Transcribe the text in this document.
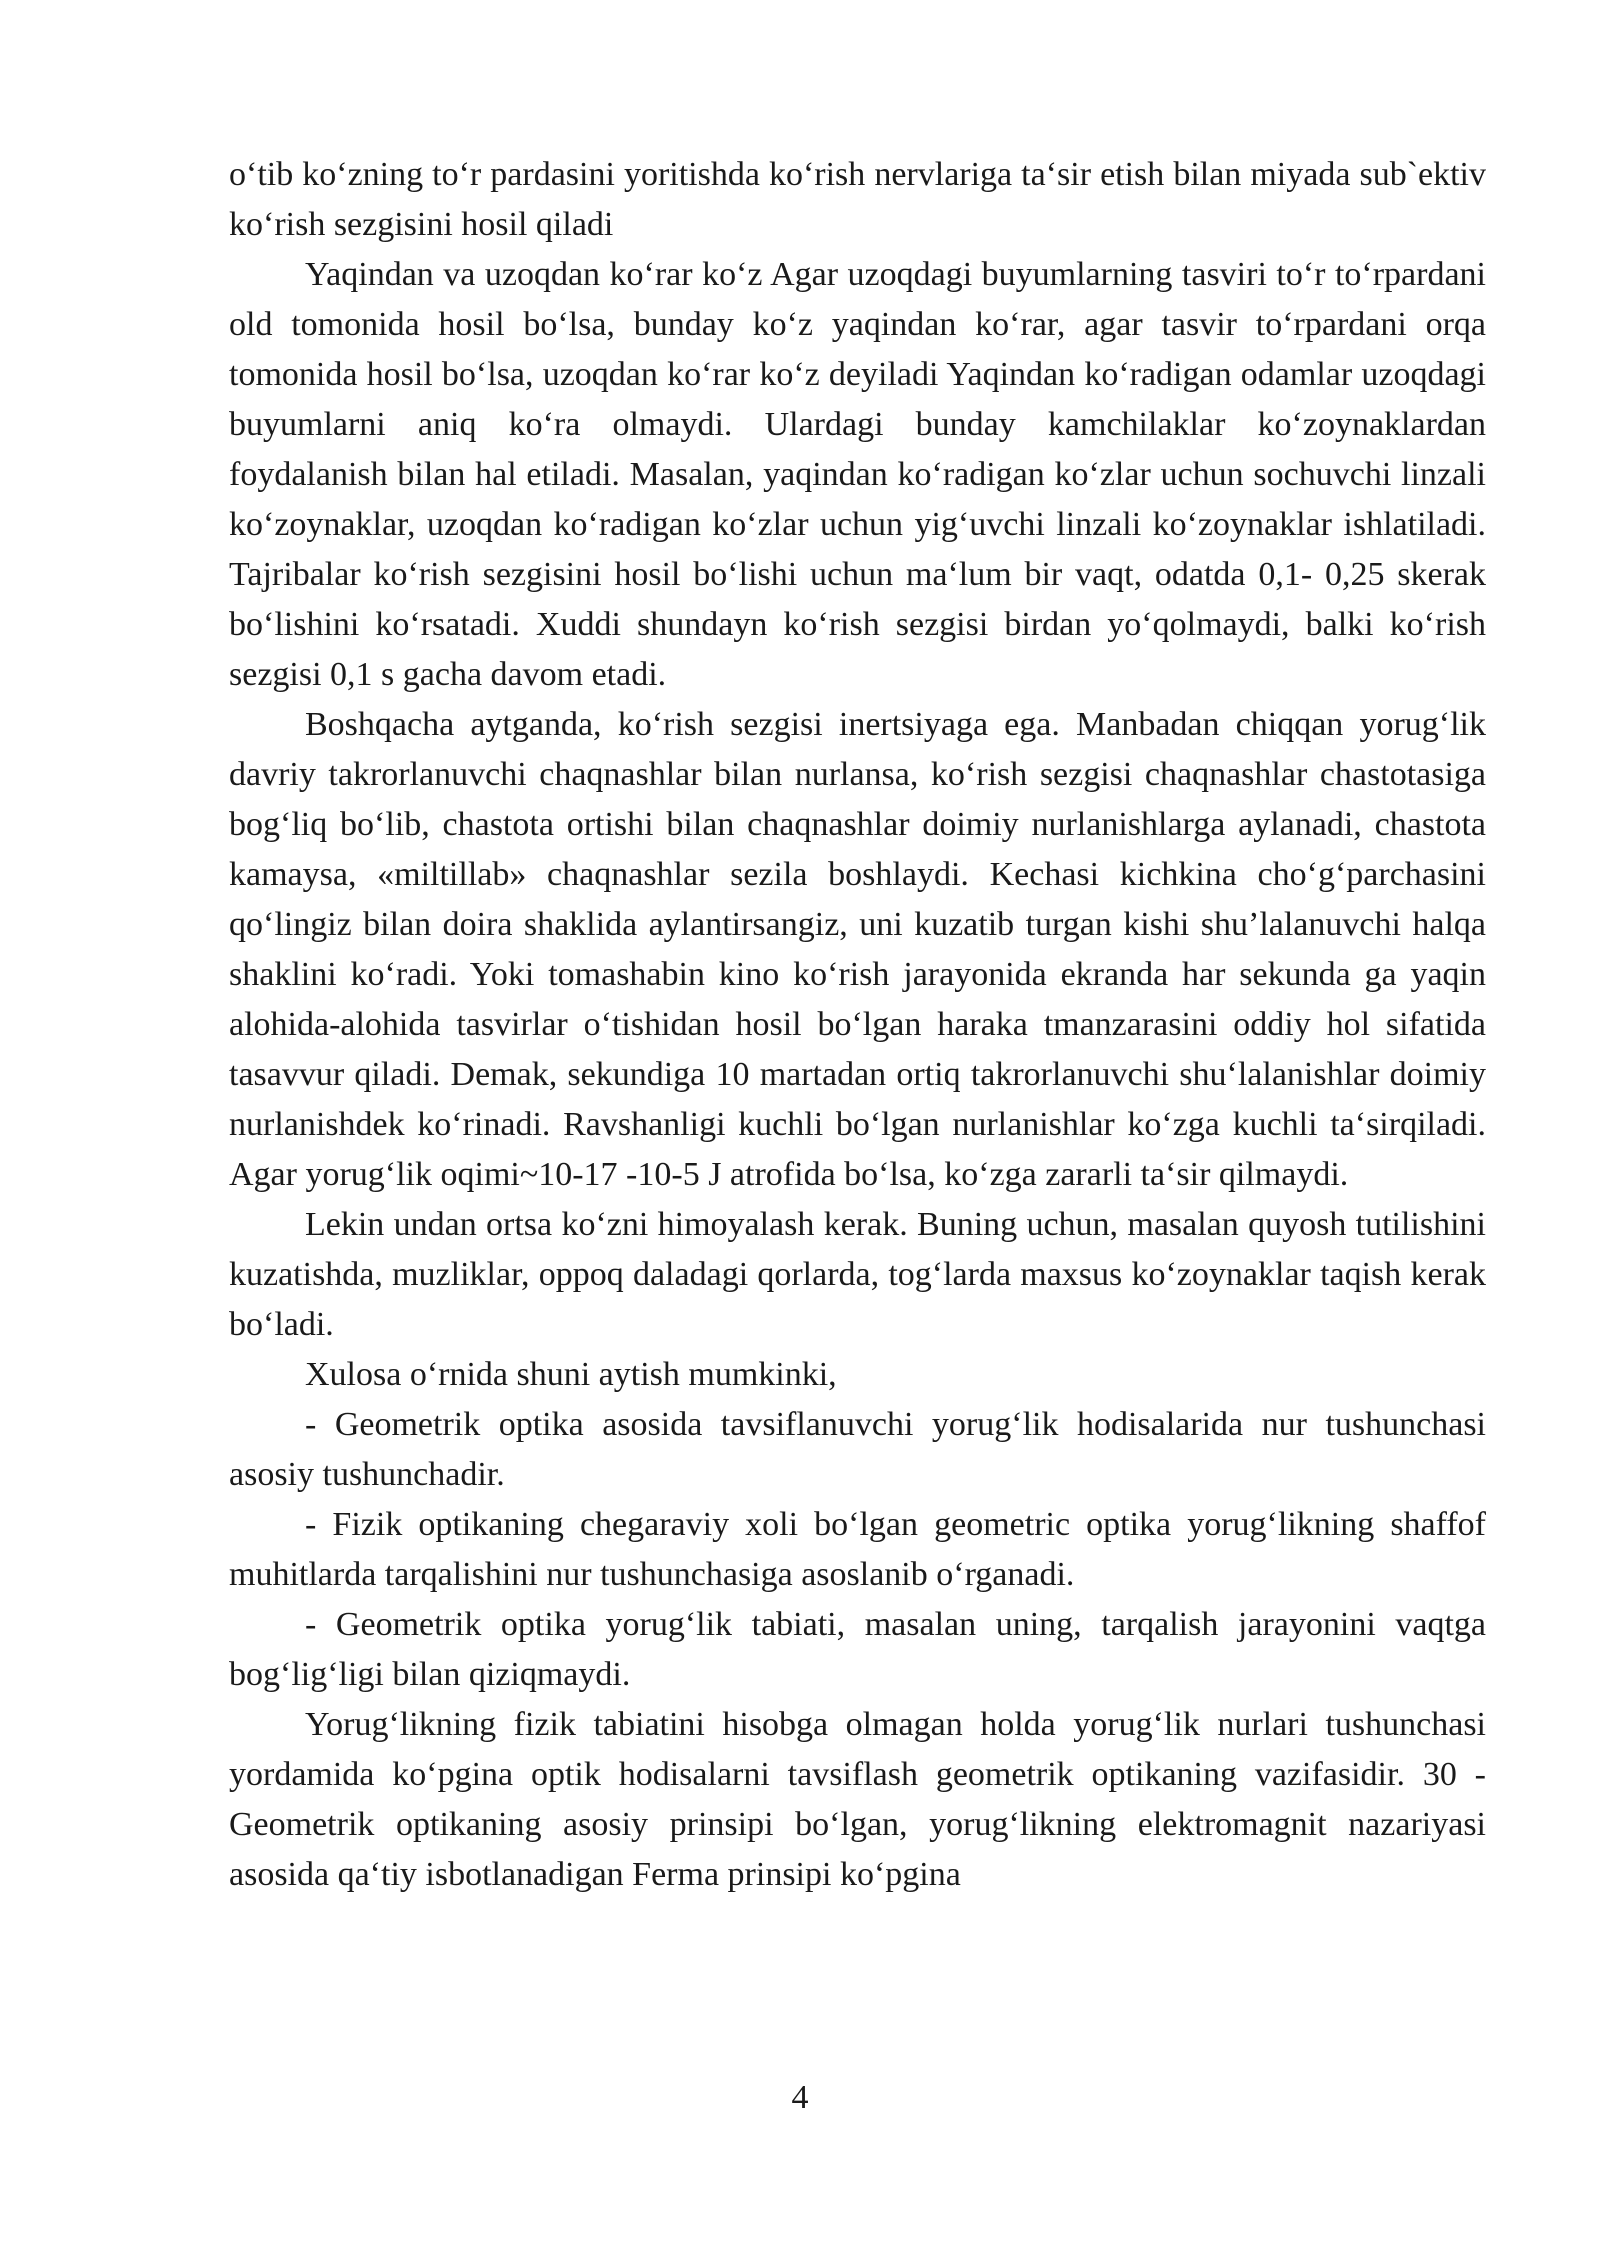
o‘tib ko‘zning to‘r pardasini yoritishda ko‘rish nervlariga ta‘sir etish bilan miyada sub`ektiv ko‘rish sezgisini hosil qiladi

Yaqindan va uzoqdan ko‘rar ko‘z Agar uzoqdagi buyumlarning tasviri to‘r to‘rpardani old tomonida hosil bo‘lsa, bunday ko‘z yaqindan ko‘rar, agar tasvir to‘rpardani orqa tomonida hosil bo‘lsa, uzoqdan ko‘rar ko‘z deyiladi Yaqindan ko‘radigan odamlar uzoqdagi buyumlarni aniq ko‘ra olmaydi. Ulardagi bunday kamchilaklar ko‘zoynaklardan foydalanish bilan hal etiladi. Masalan, yaqindan ko‘radigan ko‘zlar uchun sochuvchi linzali ko‘zoynaklar, uzoqdan ko‘radigan ko‘zlar uchun yig‘uvchi linzali ko‘zoynaklar ishlatiladi. Tajribalar ko‘rish sezgisini hosil bo‘lishi uchun ma‘lum bir vaqt, odatda 0,1- 0,25 skerak bo‘lishini ko‘rsatadi. Xuddi shundayn ko‘rish sezgisi birdan yo‘qolmaydi, balki ko‘rish sezgisi 0,1 s gacha davom etadi.

Boshqacha aytganda, ko‘rish sezgisi inertsiyaga ega. Manbadan chiqqan yorug‘lik davriy takrorlanuvchi chaqnashlar bilan nurlansa, ko‘rish sezgisi chaqnashlar chastotasiga bog‘liq bo‘lib, chastota ortishi bilan chaqnashlar doimiy nurlanishlarga aylanadi, chastota kamaysa, «miltillab» chaqnashlar sezila boshlaydi. Kechasi kichkina cho‘g‘parchasini qo‘lingiz bilan doira shaklida aylantirsangiz, uni kuzatib turgan kishi shu’lalanuvchi halqa shaklini ko‘radi. Yoki tomashabin kino ko‘rish jarayonida ekranda har sekunda ga yaqin alohida-alohida tasvirlar o‘tishidan hosil bo‘lgan haraka tmanzarasini oddiy hol sifatida tasavvur qiladi. Demak, sekundiga 10 martadan ortiq takrorlanuvchi shu‘lalanishlar doimiy nurlanishdek ko‘rinadi. Ravshanligi kuchli bo‘lgan nurlanishlar ko‘zga kuchli ta‘sirqiladi. Agar yorug‘lik oqimi~10-17 -10-5 J atrofida bo‘lsa, ko‘zga zararli ta‘sir qilmaydi.

Lekin undan ortsa ko‘zni himoyalash kerak. Buning uchun, masalan quyosh tutilishini kuzatishda, muzliklar, oppoq daladagi qorlarda, tog‘larda maxsus ko‘zoynaklar taqish kerak bo‘ladi.

Xulosa o‘rnida shuni aytish mumkinki,

- Geometrik optika asosida tavsiflanuvchi yorug‘lik hodisalarida nur tushunchasi asosiy tushunchadir.

- Fizik optikaning chegaraviy xoli bo‘lgan geometric optika yorug‘likning shaffof muhitlarda tarqalishini nur tushunchasiga asoslanib o‘rganadi.

- Geometrik optika yorug‘lik tabiati, masalan uning, tarqalish jarayonini vaqtga bog‘lig‘ligi bilan qiziqmaydi.

Yorug‘likning fizik tabiatini hisobga olmagan holda yorug‘lik nurlari tushunchasi yordamida ko‘pgina optik hodisalarni tavsiflash geometrik optikaning vazifasidir. 30 - Geometrik optikaning asosiy prinsipi bo‘lgan, yorug‘likning elektromagnit nazariyasi asosida qa‘tiy isbotlanadigan Ferma prinsipi ko‘pgina

4
